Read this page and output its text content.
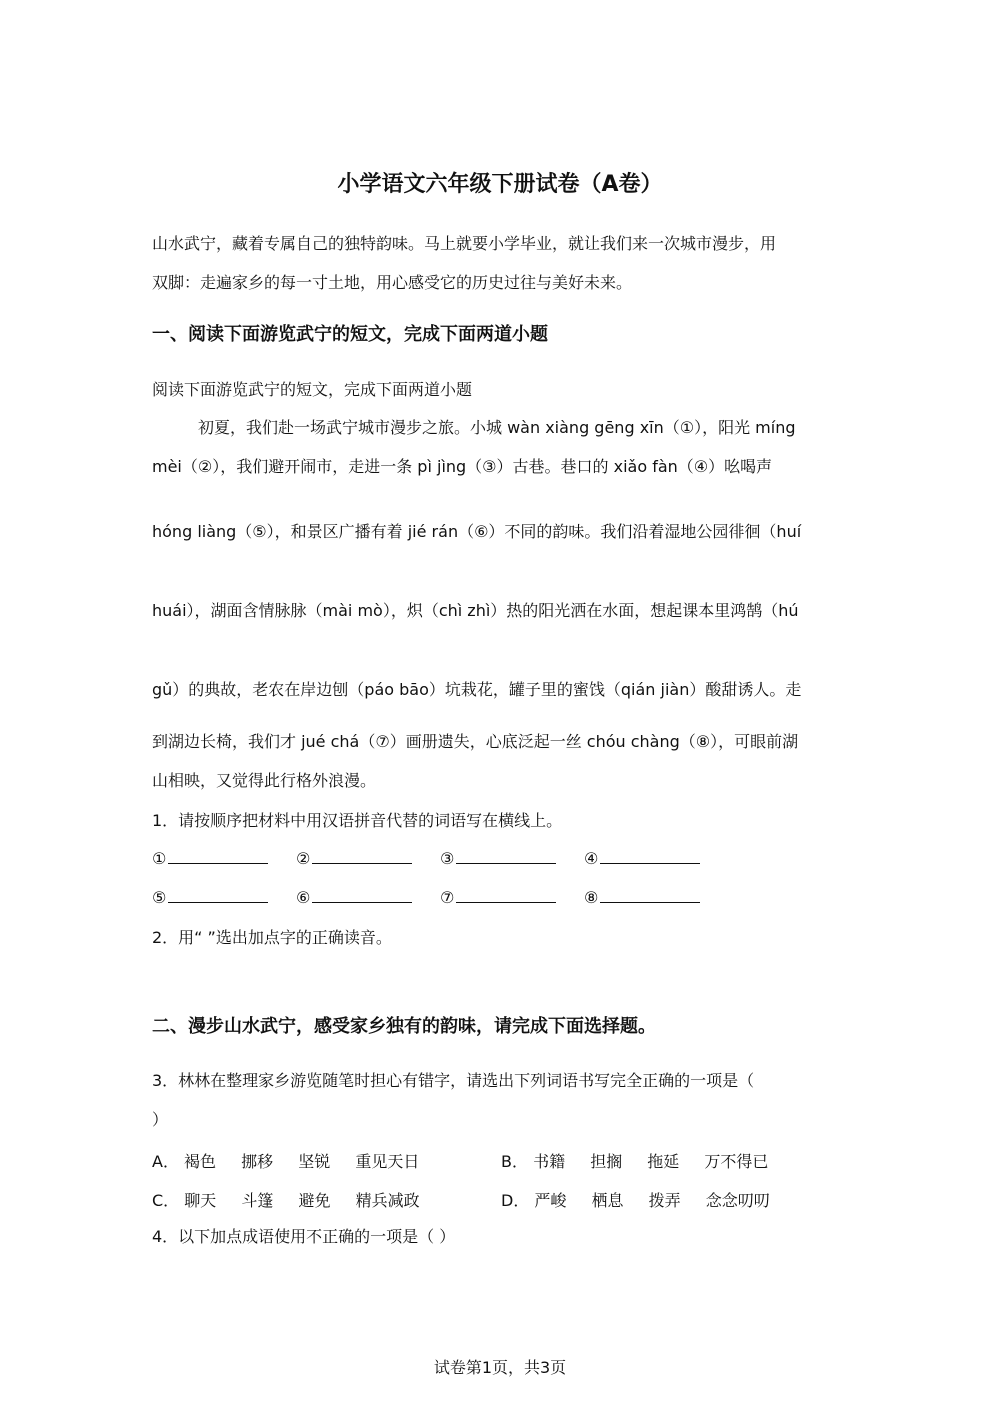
小学语文六年级下册试卷（A卷）
山水武宁，藏着专属自己的独特韵味。马上就要小学毕业，就让我们来一次城市漫步，用
双脚：走遍家乡的每一寸土地，用心感受它的历史过往与美好未来。
一、阅读下面游览武宁的短文，完成下面两道小题
阅读下面游览武宁的短文，完成下面两道小题
初夏，我们赴一场武宁城市漫步之旅。小城 wàn xiàng gēng xīn（①），阳光 míng
mèi（②），我们避开闹市，走进一条 pì jìng（③）古巷。巷口的 xiǎo fàn（④）吆喝声
hóng liàng（⑤），和景区广播有着 jié rán（⑥）不同的韵味。我们沿着湿地公园徘徊（huí
huái），湖面含情脉脉（mài mò），炽（chì zhì）热的阳光洒在水面，想起课本里鸿鹄（hú
gǔ）的典故，老农在岸边刨（páo bāo）坑栽花，罐子里的蜜饯（qián jiàn）酸甜诱人。走
到湖边长椅，我们才 jué chá（⑦）画册遗失，心底泛起一丝 chóu chàng（⑧），可眼前湖
山相映，又觉得此行格外浪漫。
1．请按顺序把材料中用汉语拼音代替的词语写在横线上。
①	②	③	④
⑤	⑥	⑦	⑧
2．用“ ”选出加点字的正确读音。
二、漫步山水武宁，感受家乡独有的韵味，请完成下面选择题。
3．林林在整理家乡游览随笔时担心有错字，请选出下列词语书写完全正确的一项是（
）
A． 褐色 挪移 坚锐 重见天日	B． 书籍 担搁 拖延 万不得已
C． 聊天 斗篷 避免 精兵减政	D． 严峻 栖息 拨弄 念念叨叨
4．以下加点成语使用不正确的一项是（ ）
试卷第1页，共3页
